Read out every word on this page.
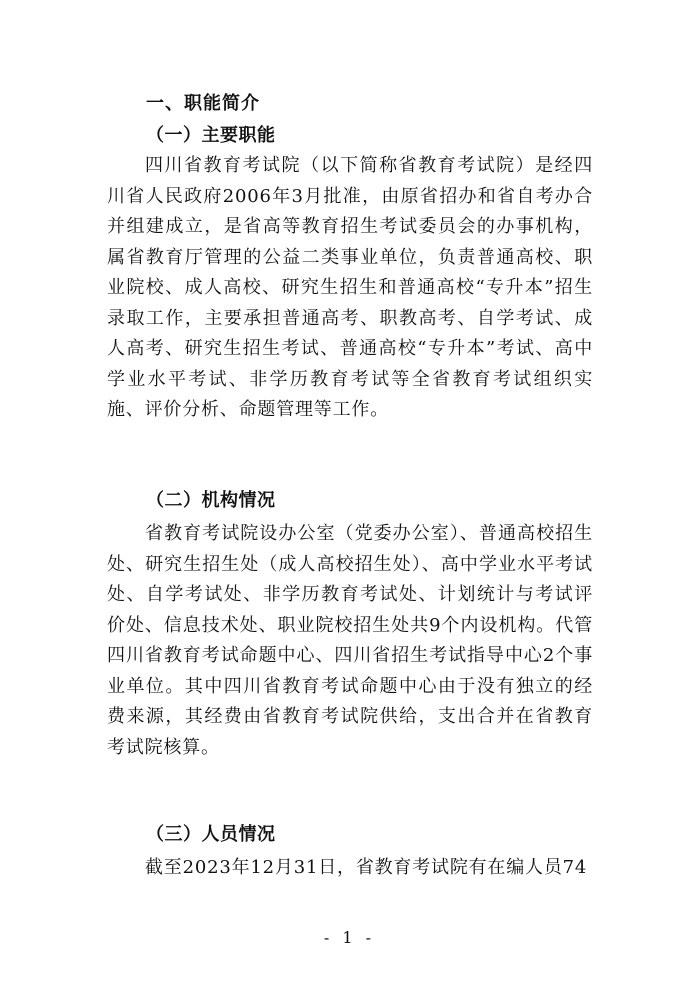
一、职能简介
（一）主要职能

四川省教育考试院（以下简称省教育考试院）是经四川省人民政府2006年3月批准，由原省招办和省自考办合并组建成立，是省高等教育招生考试委员会的办事机构，属省教育厅管理的公益二类事业单位，负责普通高校、职业院校、成人高校、研究生招生和普通高校“专升本”招生录取工作，主要承担普通高考、职教高考、自学考试、成人高考、研究生招生考试、普通高校“专升本”考试、高中学业水平考试、非学历教育考试等全省教育考试组织实施、评价分析、命题管理等工作。

（二）机构情况

省教育考试院设办公室（党委办公室）、普通高校招生处、研究生招生处（成人高校招生处）、高中学业水平考试处、自学考试处、非学历教育考试处、计划统计与考试评价处、信息技术处、职业院校招生处共9个内设机构。代管四川省教育考试命题中心、四川省招生考试指导中心2个事业单位。其中四川省教育考试命题中心由于没有独立的经费来源，其经费由省教育考试院供给，支出合并在省教育考试院核算。

（三）人员情况

截至2023年12月31日，省教育考试院有在编人员74

- 1 -
